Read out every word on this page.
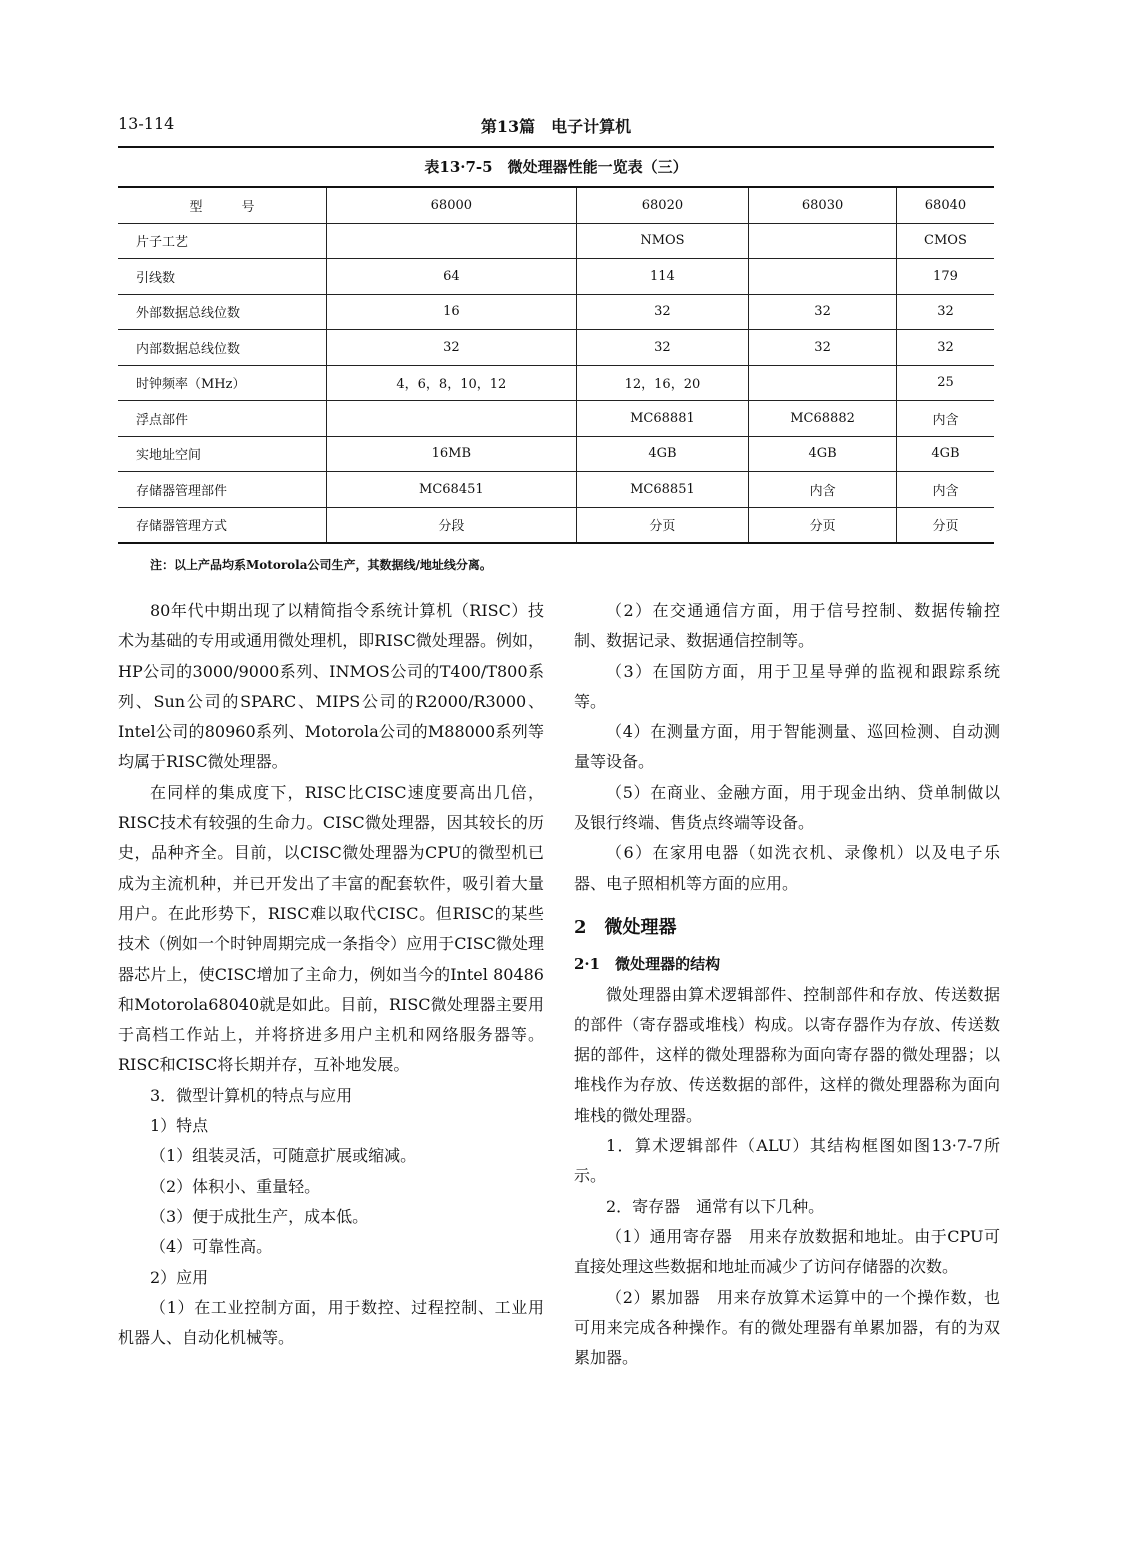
13-114	第13篇　电子计算机
表13·7-5　微处理器性能一览表（三）
型　　　号	68000	68020	68030	68040
片子工艺		NMOS		CMOS
引线数	64	114		179
外部数据总线位数	16	32	32	32
内部数据总线位数	32	32	32	32
时钟频率（MHz）	4，6，8，10，12	12，16，20		25
浮点部件		MC68881	MC68882	内含
实地址空间	16MB	4GB	4GB	4GB
存储器管理部件	MC68451	MC68851	内含	内含
存储器管理方式	分段	分页	分页	分页
注：以上产品均系Motorola公司生产，其数据线/地址线分离。

80年代中期出现了以精简指令系统计算机（RISC）技术为基础的专用或通用微处理机，即RISC微处理器。例如，HP公司的3000/9000系列、INMOS公司的T400/T800系列、Sun公司的SPARC、MIPS公司的R2000/R3000、Intel公司的80960系列、Motorola公司的M88000系列等均属于RISC微处理器。

在同样的集成度下，RISC比CISC速度要高出几倍，RISC技术有较强的生命力。CISC微处理器，因其较长的历史，品种齐全。目前，以CISC微处理器为CPU的微型机已成为主流机种，并已开发出了丰富的配套软件，吸引着大量用户。在此形势下，RISC难以取代CISC。但RISC的某些技术（例如一个时钟周期完成一条指令）应用于CISC微处理器芯片上，使CISC增加了主命力，例如当今的Intel 80486和Motorola68040就是如此。目前，RISC微处理器主要用于高档工作站上，并将挤进多用户主机和网络服务器等。RISC和CISC将长期并存，互补地发展。

3．微型计算机的特点与应用

1）特点

（1）组装灵活，可随意扩展或缩减。

（2）体积小、重量轻。

（3）便于成批生产，成本低。

（4）可靠性高。

2）应用

（1）在工业控制方面，用于数控、过程控制、工业用机器人、自动化机械等。

（2）在交通通信方面，用于信号控制、数据传输控制、数据记录、数据通信控制等。

（3）在国防方面，用于卫星导弹的监视和跟踪系统等。

（4）在测量方面，用于智能测量、巡回检测、自动测量等设备。

（5）在商业、金融方面，用于现金出纳、贷单制做以及银行终端、售货点终端等设备。

（6）在家用电器（如洗衣机、录像机）以及电子乐器、电子照相机等方面的应用。

2　微处理器

2·1　微处理器的结构

微处理器由算术逻辑部件、控制部件和存放、传送数据的部件（寄存器或堆栈）构成。以寄存器作为存放、传送数据的部件，这样的微处理器称为面向寄存器的微处理器；以堆栈作为存放、传送数据的部件，这样的微处理器称为面向堆栈的微处理器。

1．算术逻辑部件（ALU）其结构框图如图13·7-7所示。

2．寄存器　通常有以下几种。

（1）通用寄存器　用来存放数据和地址。由于CPU可直接处理这些数据和地址而减少了访问存储器的次数。

（2）累加器　用来存放算术运算中的一个操作数，也可用来完成各种操作。有的微处理器有单累加器，有的为双累加器。
